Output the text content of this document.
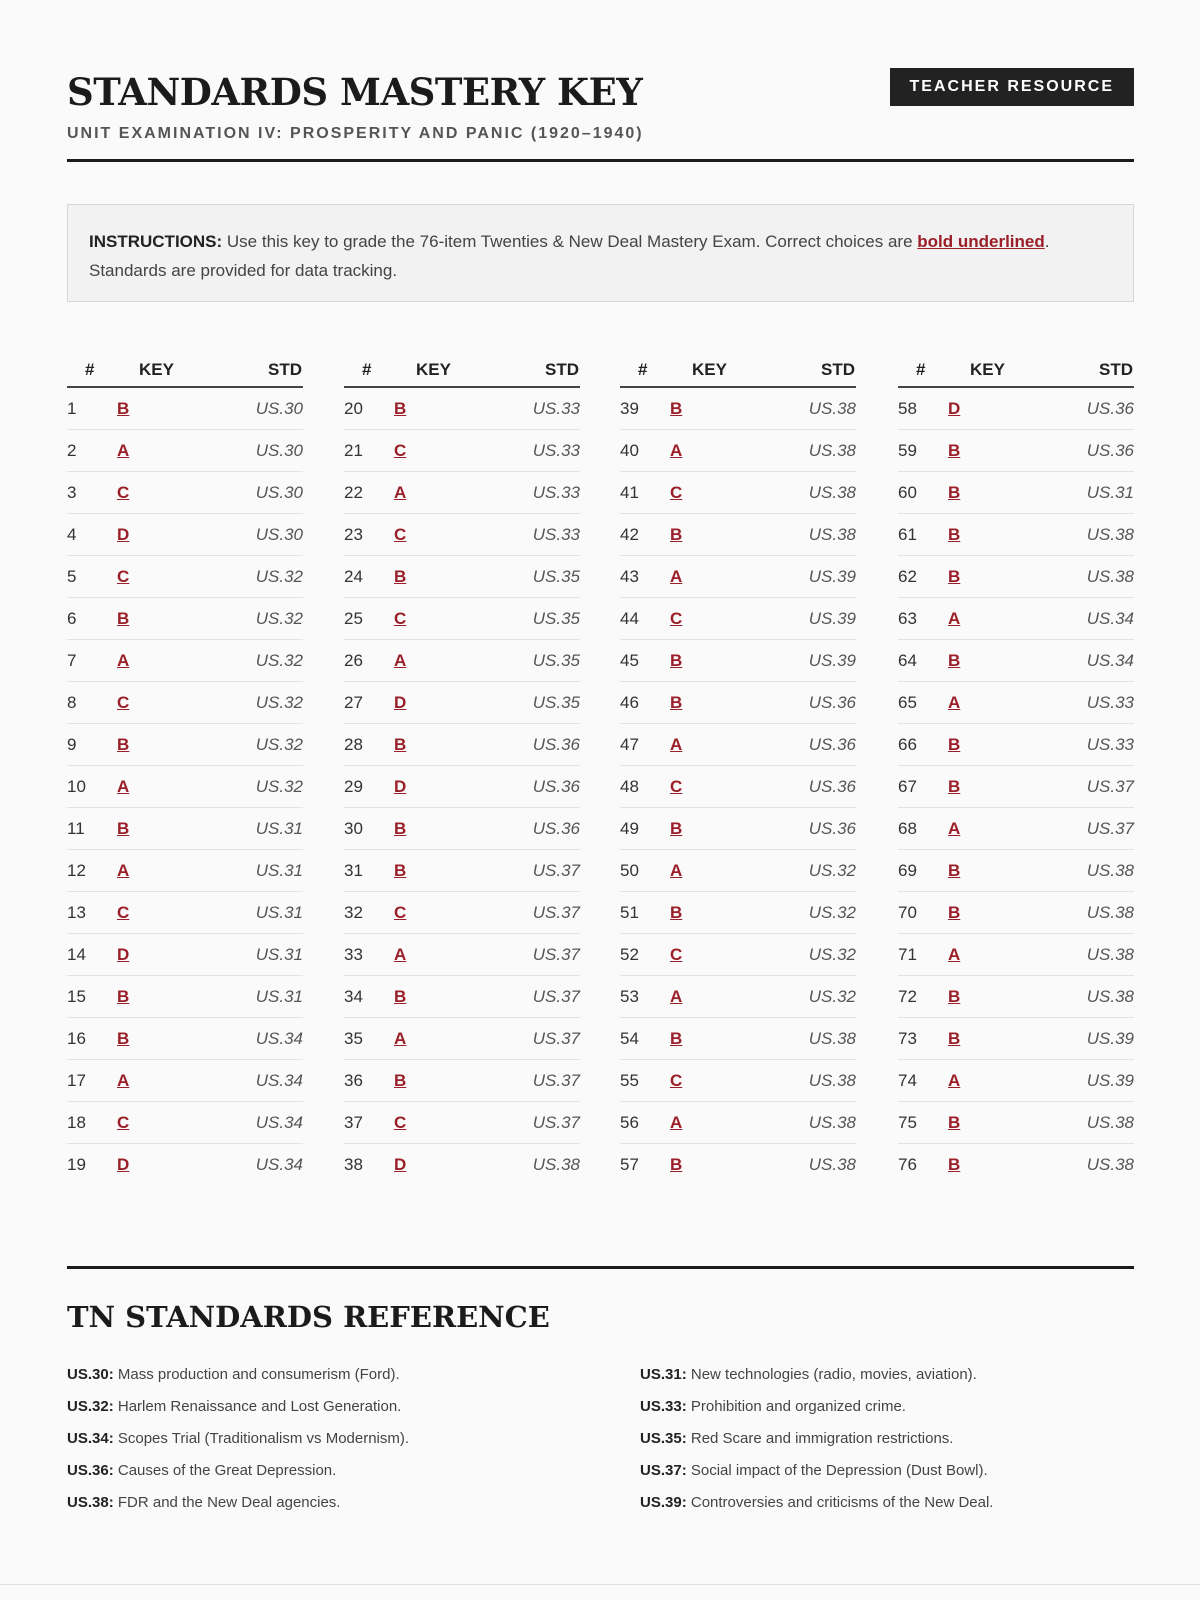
STANDARDS MASTERY KEY
UNIT EXAMINATION IV: PROSPERITY AND PANIC (1920–1940)
TEACHER RESOURCE
INSTRUCTIONS: Use this key to grade the 76-item Twenties & New Deal Mastery Exam. Correct choices are bold underlined. Standards are provided for data tracking.
#	KEY	STD
1 B	US.30
2 A	US.30
3 C	US.30
4 D	US.30
5 C	US.32
6 B	US.32
7 A	US.32
8 C	US.32
9 B	US.32
10 A	US.32
11 B	US.31
12 A	US.31
13 C	US.31
14 D	US.31
15 B	US.31
16 B	US.34
17 A	US.34
18 C	US.34
19 D	US.34
#	KEY	STD
20 B	US.33
21 C	US.33
22 A	US.33
23 C	US.33
24 B	US.35
25 C	US.35
26 A	US.35
27 D	US.35
28 B	US.36
29 D	US.36
30 B	US.36
31 B	US.37
32 C	US.37
33 A	US.37
34 B	US.37
35 A	US.37
36 B	US.37
37 C	US.37
38 D	US.38
#	KEY	STD
39 B	US.38
40 A	US.38
41 C	US.38
42 B	US.38
43 A	US.39
44 C	US.39
45 B	US.39
46 B	US.36
47 A	US.36
48 C	US.36
49 B	US.36
50 A	US.32
51 B	US.32
52 C	US.32
53 A	US.32
54 B	US.38
55 C	US.38
56 A	US.38
57 B	US.38
#	KEY	STD
58 D	US.36
59 B	US.36
60 B	US.31
61 B	US.38
62 B	US.38
63 A	US.34
64 B	US.34
65 A	US.33
66 B	US.33
67 B	US.37
68 A	US.37
69 B	US.38
70 B	US.38
71 A	US.38
72 B	US.38
73 B	US.39
74 A	US.39
75 B	US.38
76 B	US.38
TN STANDARDS REFERENCE
US.30: Mass production and consumerism (Ford).
US.32: Harlem Renaissance and Lost Generation.
US.34: Scopes Trial (Traditionalism vs Modernism).
US.36: Causes of the Great Depression.
US.38: FDR and the New Deal agencies.
US.31: New technologies (radio, movies, aviation).
US.33: Prohibition and organized crime.
US.35: Red Scare and immigration restrictions.
US.37: Social impact of the Depression (Dust Bowl).
US.39: Controversies and criticisms of the New Deal.
